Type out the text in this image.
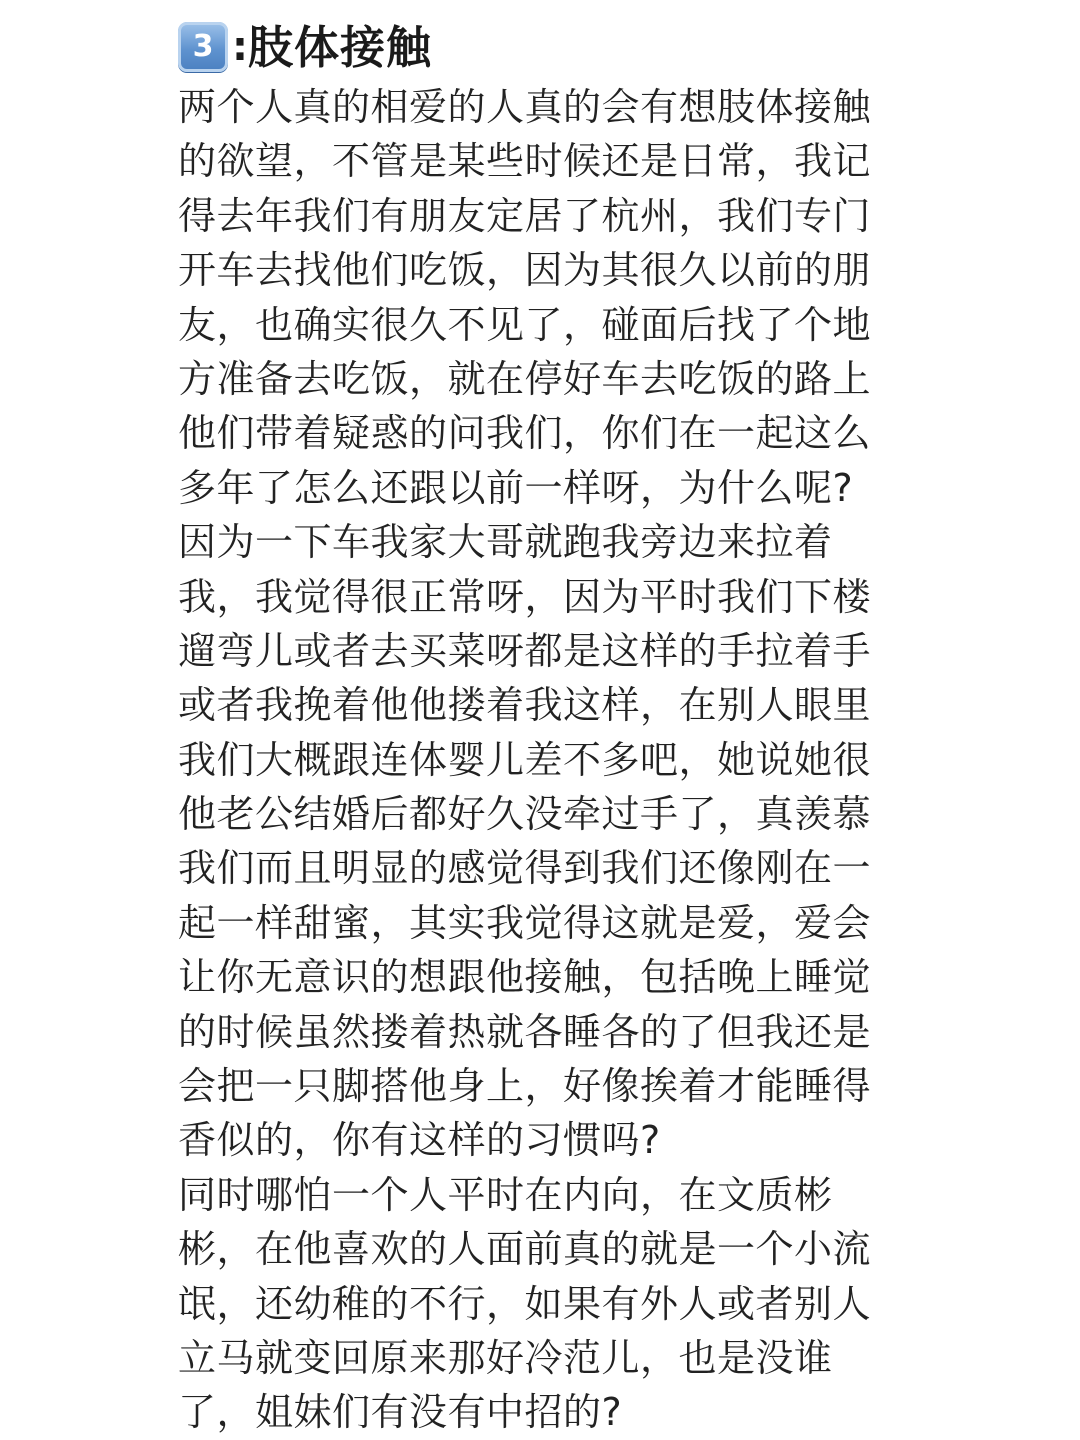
3 : 肢体接触
两个人真的相爱的人真的会有想肢体接触
的欲望，不管是某些时候还是日常，我记
得去年我们有朋友定居了杭州，我们专门
开车去找他们吃饭，因为其很久以前的朋
友，也确实很久不见了，碰面后找了个地
方准备去吃饭，就在停好车去吃饭的路上
他们带着疑惑的问我们，你们在一起这么
多年了怎么还跟以前一样呀，为什么呢?
因为一下车我家大哥就跑我旁边来拉着
我，我觉得很正常呀，因为平时我们下楼
遛弯儿或者去买菜呀都是这样的手拉着手
或者我挽着他他搂着我这样，在别人眼里
我们大概跟连体婴儿差不多吧，她说她很
他老公结婚后都好久没牵过手了，真羡慕
我们而且明显的感觉得到我们还像刚在一
起一样甜蜜，其实我觉得这就是爱，爱会
让你无意识的想跟他接触，包括晚上睡觉
的时候虽然搂着热就各睡各的了但我还是
会把一只脚搭他身上，好像挨着才能睡得
香似的，你有这样的习惯吗?
同时哪怕一个人平时在内向，在文质彬
彬，在他喜欢的人面前真的就是一个小流
氓，还幼稚的不行，如果有外人或者别人
立马就变回原来那好冷范儿，也是没谁
了，姐妹们有没有中招的?
